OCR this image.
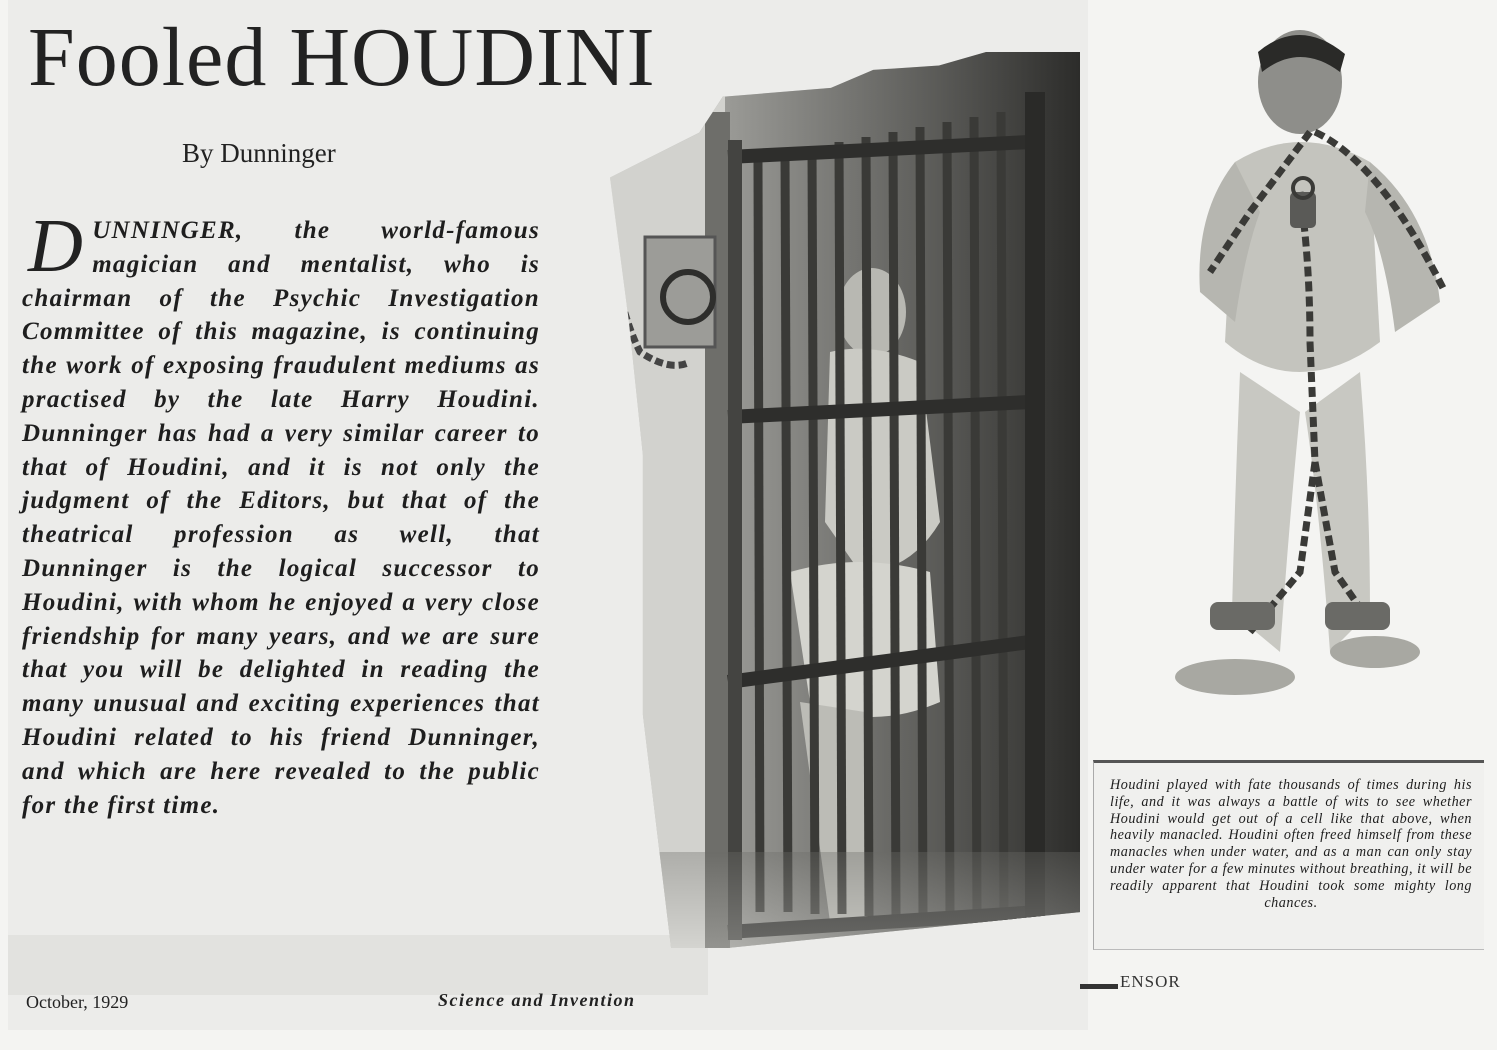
Fooled HOUDINI
By Dunninger
DUNNINGER, the world-famous magician and mentalist, who is chairman of the Psychic Investigation Committee of this magazine, is continuing the work of exposing fraudulent mediums as practised by the late Harry Houdini. Dunninger has had a very similar career to that of Houdini, and it is not only the judgment of the Editors, but that of the theatrical profession as well, that Dunninger is the logical successor to Houdini, with whom he enjoyed a very close friendship for many years, and we are sure that you will be delighted in reading the many unusual and exciting experiences that Houdini related to his friend Dunninger, and which are here revealed to the public for the first time.
Houdini played with fate thousands of times during his life, and it was always a battle of wits to see whether Houdini would get out of a cell like that above, when heavily manacled. Houdini often freed himself from these manacles when under water, and as a man can only stay under water for a few minutes without breathing, it will be readily apparent that Houdini took some mighty long chances.
October, 1929	Science and Invention
ENSOR
